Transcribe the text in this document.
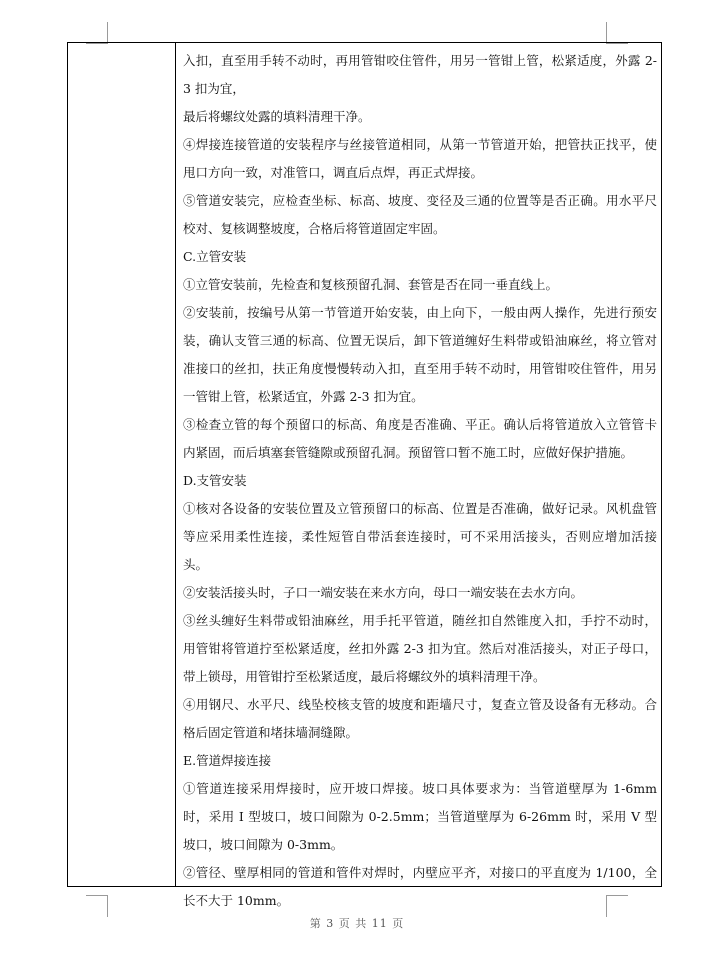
入扣，直至用手转不动时，再用管钳咬住管件，用另一管钳上管，松紧适度，外露 2-3 扣为宜，

最后将螺纹处露的填料清理干净。

④焊接连接管道的安装程序与丝接管道相同，从第一节管道开始，把管扶正找平，使甩口方向一致，对准管口，调直后点焊，再正式焊接。

⑤管道安装完，应检查坐标、标高、坡度、变径及三通的位置等是否正确。用水平尺校对、复核调整坡度，合格后将管道固定牢固。

C.立管安装

①立管安装前，先检查和复核预留孔洞、套管是否在同一垂直线上。

②安装前，按编号从第一节管道开始安装，由上向下，一般由两人操作，先进行预安装，确认支管三通的标高、位置无误后，卸下管道缠好生料带或铅油麻丝，将立管对准接口的丝扣，扶正角度慢慢转动入扣，直至用手转不动时，用管钳咬住管件，用另一管钳上管，松紧适宜，外露 2-3 扣为宜。

③检查立管的每个预留口的标高、角度是否准确、平正。确认后将管道放入立管管卡内紧固，而后填塞套管缝隙或预留孔洞。预留管口暂不施工时，应做好保护措施。

D.支管安装

①核对各设备的安装位置及立管预留口的标高、位置是否准确，做好记录。风机盘管等应采用柔性连接，柔性短管自带活套连接时，可不采用活接头，否则应增加活接头。

②安装活接头时，子口一端安装在来水方向，母口一端安装在去水方向。

③丝头缠好生料带或铅油麻丝，用手托平管道，随丝扣自然锥度入扣，手拧不动时，用管钳将管道拧至松紧适度，丝扣外露 2-3 扣为宜。然后对准活接头，对正子母口，带上锁母，用管钳拧至松紧适度，最后将螺纹外的填料清理干净。

④用钢尺、水平尺、线坠校核支管的坡度和距墙尺寸，复查立管及设备有无移动。合格后固定管道和堵抹墙洞缝隙。

E.管道焊接连接

①管道连接采用焊接时，应开坡口焊接。坡口具体要求为：当管道壁厚为 1-6mm 时，采用 I 型坡口，坡口间隙为 0-2.5mm；当管道壁厚为 6-26mm 时，采用 V 型坡口，坡口间隙为 0-3mm。

②管径、壁厚相同的管道和管件对焊时，内壁应平齐，对接口的平直度为 1/100，全长不大于 10mm。

第 3 页 共 11 页
